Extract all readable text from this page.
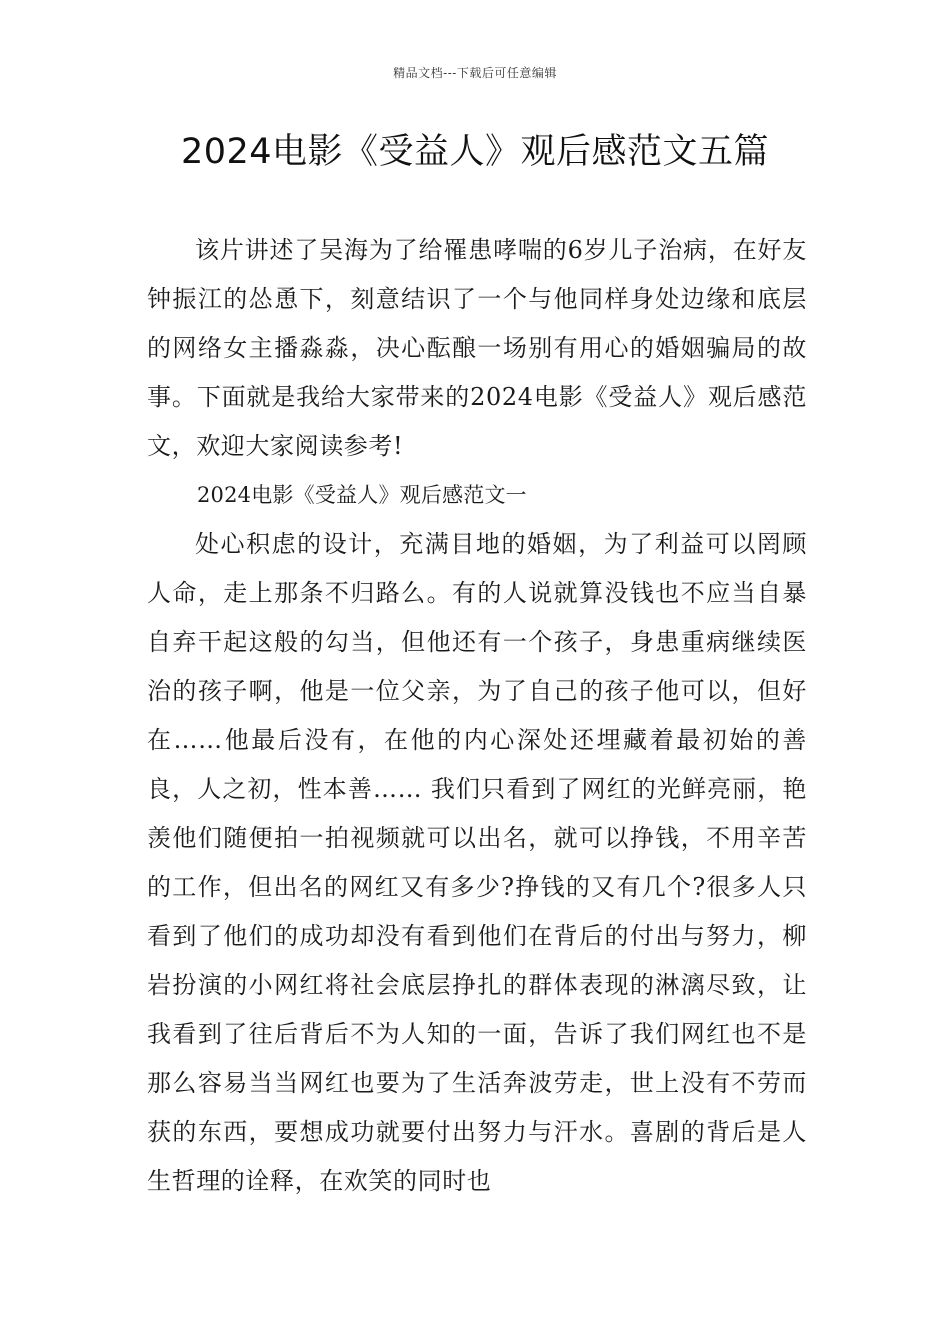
精品文档---下载后可任意编辑
2024电影《受益人》观后感范文五篇

该片讲述了吴海为了给罹患哮喘的6岁儿子治病，在好友钟振江的怂恿下，刻意结识了一个与他同样身处边缘和底层的网络女主播淼淼，决心酝酿一场别有用心的婚姻骗局的故事。下面就是我给大家带来的2024电影《受益人》观后感范文，欢迎大家阅读参考!

2024电影《受益人》观后感范文一

处心积虑的设计，充满目地的婚姻，为了利益可以罔顾人命，走上那条不归路么。有的人说就算没钱也不应当自暴自弃干起这般的勾当，但他还有一个孩子，身患重病继续医治的孩子啊，他是一位父亲，为了自己的孩子他可以，但好在……他最后没有，在他的内心深处还埋藏着最初始的善良，人之初，性本善…… 我们只看到了网红的光鲜亮丽，艳羡他们随便拍一拍视频就可以出名，就可以挣钱，不用辛苦的工作，但出名的网红又有多少?挣钱的又有几个?很多人只看到了他们的成功却没有看到他们在背后的付出与努力，柳岩扮演的小网红将社会底层挣扎的群体表现的淋漓尽致，让我看到了往后背后不为人知的一面，告诉了我们网红也不是那么容易当当网红也要为了生活奔波劳走，世上没有不劳而获的东西，要想成功就要付出努力与汗水。喜剧的背后是人生哲理的诠释，在欢笑的同时也
